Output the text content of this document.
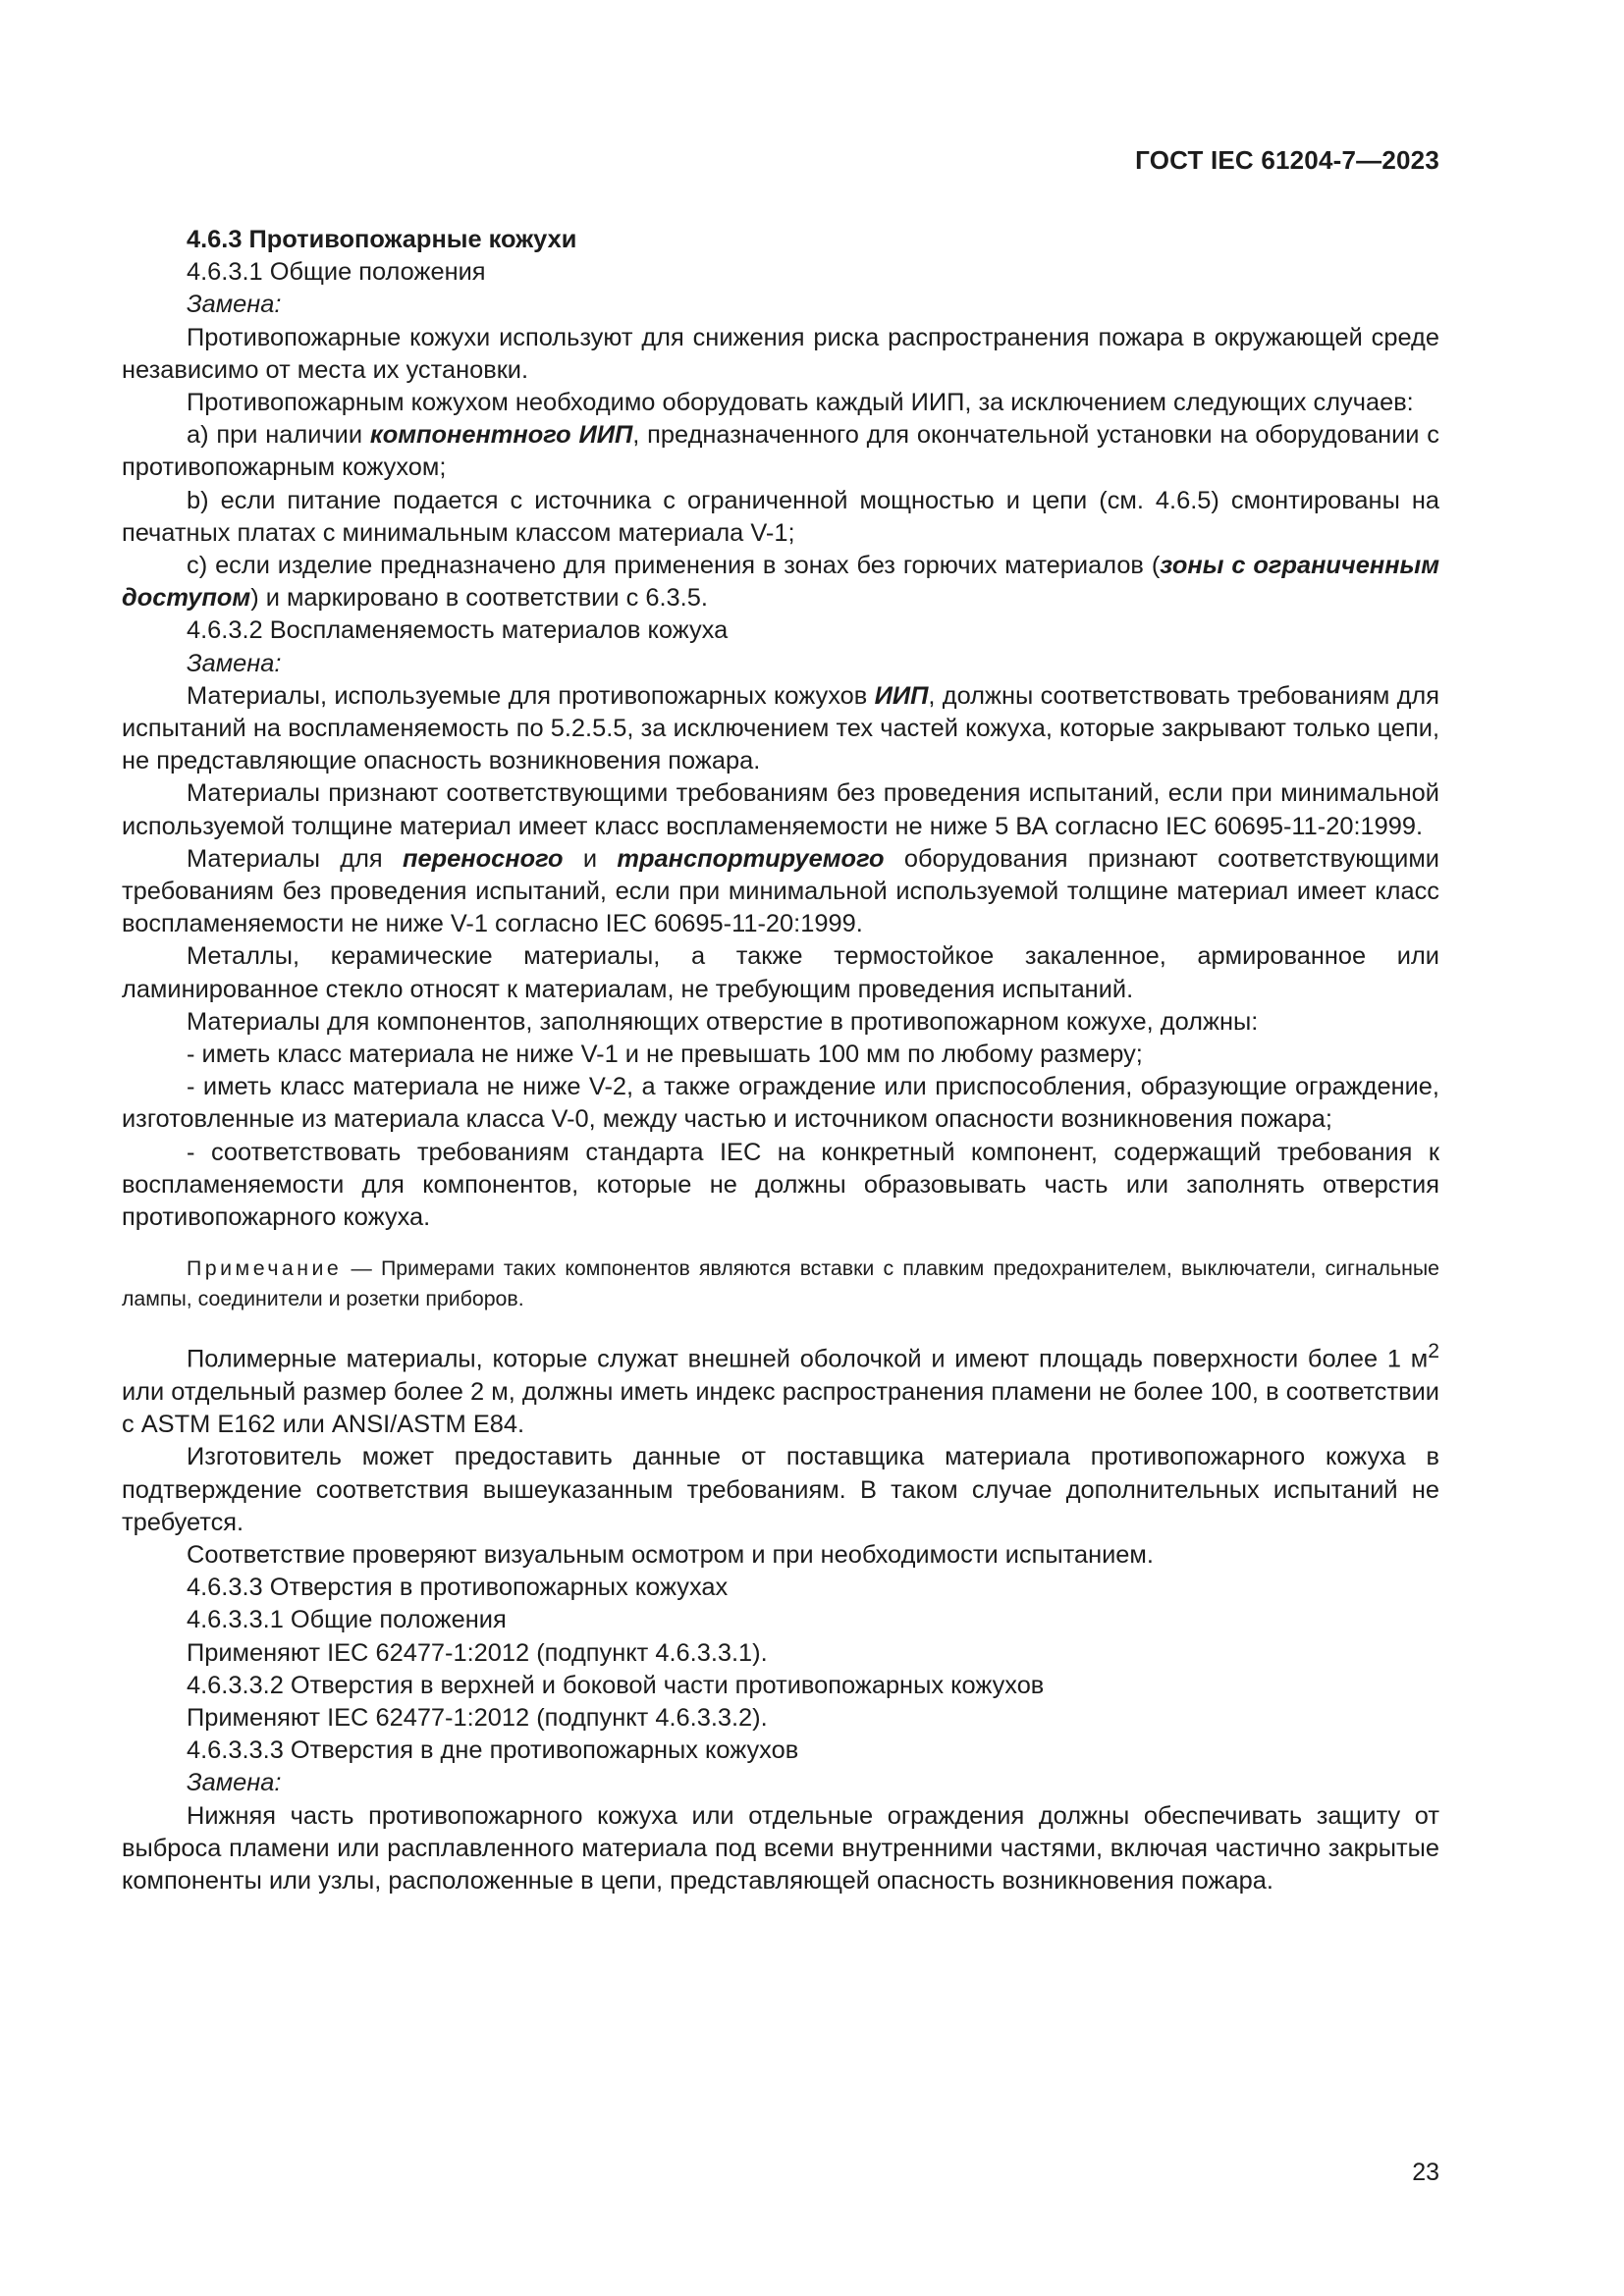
ГОСТ IEC 61204-7—2023

4.6.3 Противопожарные кожухи

4.6.3.1 Общие положения

Замена:

Противопожарные кожухи используют для снижения риска распространения пожара в окружающей среде независимо от места их установки.

Противопожарным кожухом необходимо оборудовать каждый ИИП, за исключением следующих случаев:

a) при наличии компонентного ИИП, предназначенного для окончательной установки на оборудовании с противопожарным кожухом;

b) если питание подается с источника с ограниченной мощностью и цепи (см. 4.6.5) смонтированы на печатных платах с минимальным классом материала V-1;

c) если изделие предназначено для применения в зонах без горючих материалов (зоны с ограниченным доступом) и маркировано в соответствии с 6.3.5.

4.6.3.2 Воспламеняемость материалов кожуха

Замена:

Материалы, используемые для противопожарных кожухов ИИП, должны соответствовать требованиям для испытаний на воспламеняемость по 5.2.5.5, за исключением тех частей кожуха, которые закрывают только цепи, не представляющие опасность возникновения пожара.

Материалы признают соответствующими требованиям без проведения испытаний, если при минимальной используемой толщине материал имеет класс воспламеняемости не ниже 5 ВА согласно IEC 60695-11-20:1999.

Материалы для переносного и транспортируемого оборудования признают соответствующими требованиям без проведения испытаний, если при минимальной используемой толщине материал имеет класс воспламеняемости не ниже V-1 согласно IEC 60695-11-20:1999.

Металлы, керамические материалы, а также термостойкое закаленное, армированное или ламинированное стекло относят к материалам, не требующим проведения испытаний.

Материалы для компонентов, заполняющих отверстие в противопожарном кожухе, должны:

- иметь класс материала не ниже V-1 и не превышать 100 мм по любому размеру;

- иметь класс материала не ниже V-2, а также ограждение или приспособления, образующие ограждение, изготовленные из материала класса V-0, между частью и источником опасности возникновения пожара;

- соответствовать требованиям стандарта IEC на конкретный компонент, содержащий требования к воспламеняемости для компонентов, которые не должны образовывать часть или заполнять отверстия противопожарного кожуха.

Примечание — Примерами таких компонентов являются вставки с плавким предохранителем, выключатели, сигнальные лампы, соединители и розетки приборов.

Полимерные материалы, которые служат внешней оболочкой и имеют площадь поверхности более 1 $м^2$ или отдельный размер более 2 м, должны иметь индекс распространения пламени не более 100, в соответствии с ASTM E162 или ANSI/ASTM E84.

Изготовитель может предоставить данные от поставщика материала противопожарного кожуха в подтверждение соответствия вышеуказанным требованиям. В таком случае дополнительных испытаний не требуется.

Соответствие проверяют визуальным осмотром и при необходимости испытанием.

4.6.3.3 Отверстия в противопожарных кожухах

4.6.3.3.1 Общие положения

Применяют IEC 62477-1:2012 (подпункт 4.6.3.3.1).

4.6.3.3.2 Отверстия в верхней и боковой части противопожарных кожухов

Применяют IEC 62477-1:2012 (подпункт 4.6.3.3.2).

4.6.3.3.3 Отверстия в дне противопожарных кожухов

Замена:

Нижняя часть противопожарного кожуха или отдельные ограждения должны обеспечивать защиту от выброса пламени или расплавленного материала под всеми внутренними частями, включая частично закрытые компоненты или узлы, расположенные в цепи, представляющей опасность возникновения пожара.

23
